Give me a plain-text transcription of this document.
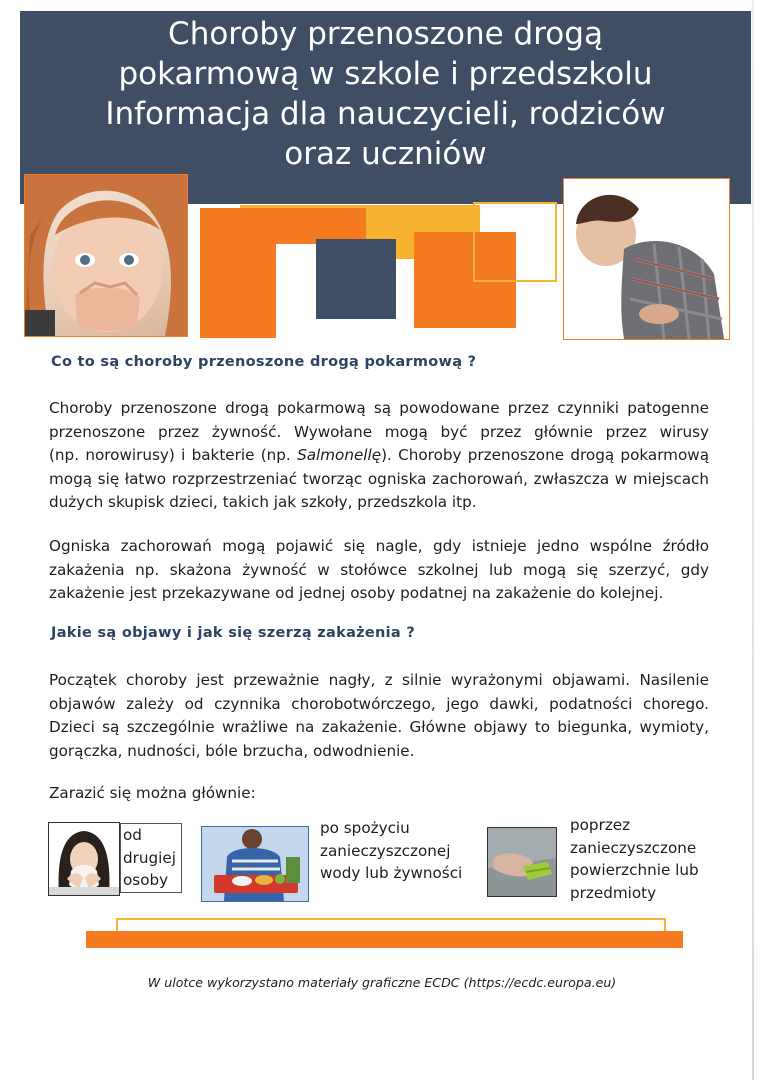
Choroby przenoszone drogą
pokarmową w szkole i przedszkolu
Informacja dla nauczycieli, rodziców
oraz uczniów
Co to są choroby przenoszone drogą pokarmową ?
Choroby przenoszone drogą pokarmową są powodowane przez czynniki patogenne
przenoszone przez żywność. Wywołane mogą być przez głównie przez wirusy
(np. norowirusy) i bakterie (np. Salmonellę). Choroby przenoszone drogą pokarmową
mogą się łatwo rozprzestrzeniać tworząc ogniska zachorowań, zwłaszcza w miejscach
dużych skupisk dzieci, takich jak szkoły, przedszkola itp.
Ogniska zachorowań mogą pojawić się nagle, gdy istnieje jedno wspólne źródło
zakażenia np. skażona żywność w stołówce szkolnej lub mogą się szerzyć, gdy
zakażenie jest przekazywane od jednej osoby podatnej na zakażenie do kolejnej.
Jakie są objawy i jak się szerzą zakażenia ?
Początek choroby jest przeważnie nagły, z silnie wyrażonymi objawami. Nasilenie
objawów zależy od czynnika chorobotwórczego, jego dawki, podatności chorego.
Dzieci są szczególnie wrażliwe na zakażenie. Główne objawy to biegunka, wymioty,
gorączka, nudności, bóle brzucha, odwodnienie.
Zarazić się można głównie:
od
drugiej
osoby
po spożyciu
zanieczyszczonej
wody lub żywności
poprzez
zanieczyszczone
powierzchnie lub
przedmioty
W ulotce wykorzystano materiały graficzne ECDC (https://ecdc.europa.eu)
